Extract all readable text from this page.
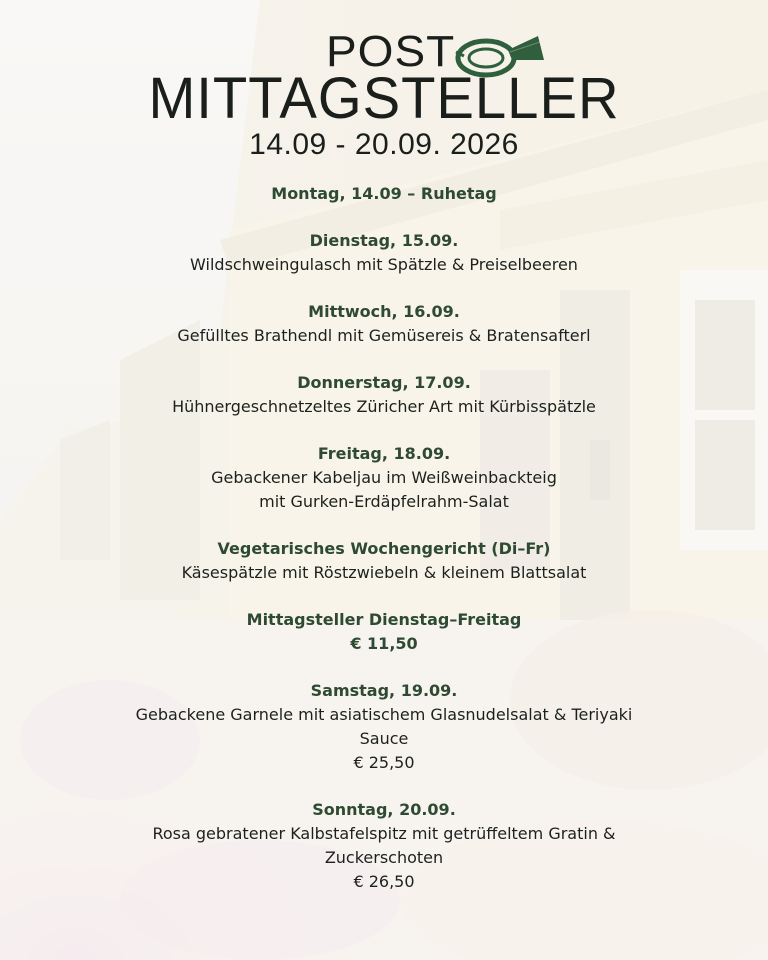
POST
MITTAGSTELLER
14.09 - 20.09. 2026
Montag, 14.09 – Ruhetag
Dienstag, 15.09.
Wildschweingulasch mit Spätzle & Preiselbeeren
Mittwoch, 16.09.
Gefülltes Brathendl mit Gemüsereis & Bratensafterl
Donnerstag, 17.09.
Hühnergeschnetzeltes Züricher Art mit Kürbisspätzle
Freitag, 18.09.
Gebackener Kabeljau im Weißweinbackteig
mit Gurken-Erdäpfelrahm-Salat
Vegetarisches Wochengericht (Di–Fr)
Käsespätzle mit Röstzwiebeln & kleinem Blattsalat
Mittagsteller Dienstag–Freitag
€ 11,50
Samstag, 19.09.
Gebackene Garnele mit asiatischem Glasnudelsalat & Teriyaki
Sauce
€ 25,50
Sonntag, 20.09.
Rosa gebratener Kalbstafelspitz mit getrüffeltem Gratin &
Zuckerschoten
€ 26,50
